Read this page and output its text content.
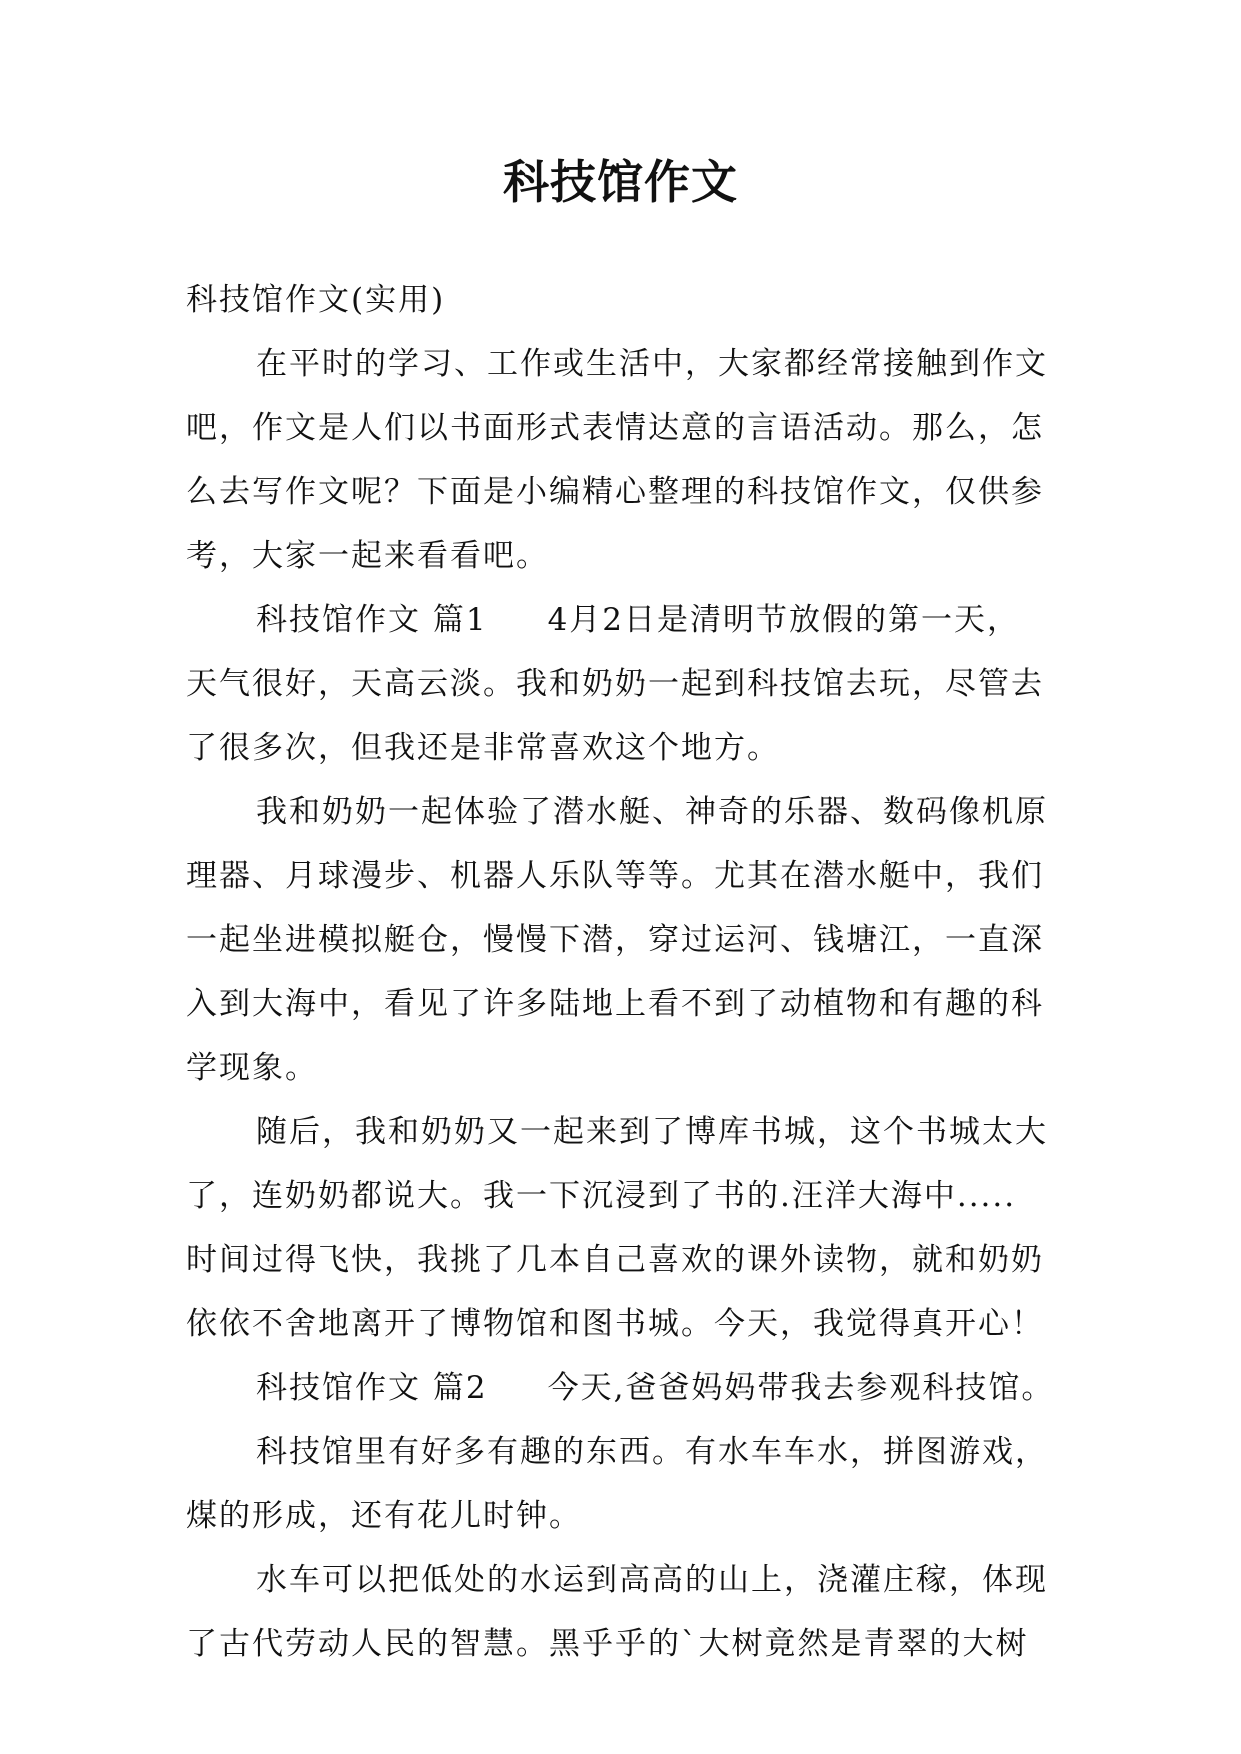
科技馆作文
科技馆作文(实用)
在平时的学习、工作或生活中，大家都经常接触到作文
吧，作文是人们以书面形式表情达意的言语活动。那么，怎
么去写作文呢？下面是小编精心整理的科技馆作文，仅供参
考，大家一起来看看吧。
科技馆作文 篇1 4月2日是清明节放假的第一天，
天气很好，天高云淡。我和奶奶一起到科技馆去玩，尽管去
了很多次，但我还是非常喜欢这个地方。
我和奶奶一起体验了潜水艇、神奇的乐器、数码像机原
理器、月球漫步、机器人乐队等等。尤其在潜水艇中，我们
一起坐进模拟艇仓，慢慢下潜，穿过运河、钱塘江，一直深
入到大海中，看见了许多陆地上看不到了动植物和有趣的科
学现象。
随后，我和奶奶又一起来到了博库书城，这个书城太大
了，连奶奶都说大。我一下沉浸到了书的.汪洋大海中.....
时间过得飞快，我挑了几本自己喜欢的课外读物，就和奶奶
依依不舍地离开了博物馆和图书城。今天，我觉得真开心！
科技馆作文 篇2 今天,爸爸妈妈带我去参观科技馆。
科技馆里有好多有趣的东西。有水车车水，拼图游戏，
煤的形成，还有花儿时钟。
水车可以把低处的水运到高高的山上，浇灌庄稼，体现
了古代劳动人民的智慧。黑乎乎的`大树竟然是青翠的大树
